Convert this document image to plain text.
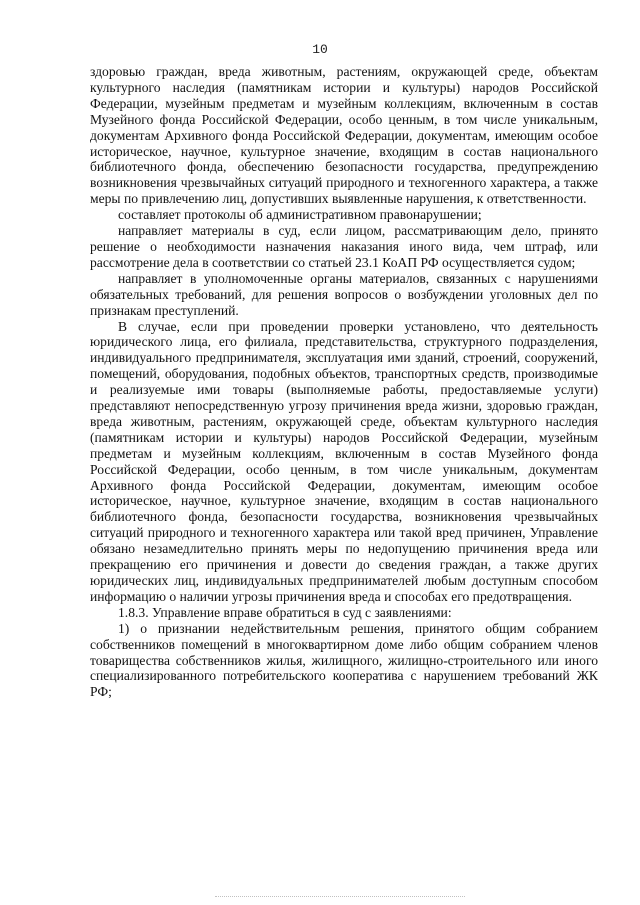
10

здоровью граждан, вреда животным, растениям, окружающей среде, объектам культурного наследия (памятникам истории и культуры) народов Российской Федерации, музейным предметам и музейным коллекциям, включенным в состав Музейного фонда Российской Федерации, особо ценным, в том числе уникальным, документам Архивного фонда Российской Федерации, документам, имеющим особое историческое, научное, культурное значение, входящим в состав национального библиотечного фонда, обеспечению безопасности государства, предупреждению возникновения чрезвычайных ситуаций природного и техногенного характера, а также меры по привлечению лиц, допустивших выявленные нарушения, к ответственности.

составляет протоколы об административном правонарушении;

направляет материалы в суд, если лицом, рассматривающим дело, принято решение о необходимости назначения наказания иного вида, чем штраф, или рассмотрение дела в соответствии со статьей 23.1 КоАП РФ осуществляется судом;

направляет в уполномоченные органы материалов, связанных с нарушениями обязательных требований, для решения вопросов о возбуждении уголовных дел по признакам преступлений.

В случае, если при проведении проверки установлено, что деятельность юридического лица, его филиала, представительства, структурного подразделения, индивидуального предпринимателя, эксплуатация ими зданий, строений, сооружений, помещений, оборудования, подобных объектов, транспортных средств, производимые и реализуемые ими товары (выполняемые работы, предоставляемые услуги) представляют непосредственную угрозу причинения вреда жизни, здоровью граждан, вреда животным, растениям, окружающей среде, объектам культурного наследия (памятникам истории и культуры) народов Российской Федерации, музейным предметам и музейным коллекциям, включенным в состав Музейного фонда Российской Федерации, особо ценным, в том числе уникальным, документам Архивного фонда Российской Федерации, документам, имеющим особое историческое, научное, культурное значение, входящим в состав национального библиотечного фонда, безопасности государства, возникновения чрезвычайных ситуаций природного и техногенного характера или такой вред причинен, Управление обязано незамедлительно принять меры по недопущению причинения вреда или прекращению его причинения и довести до сведения граждан, а также других юридических лиц, индивидуальных предпринимателей любым доступным способом информацию о наличии угрозы причинения вреда и способах его предотвращения.

1.8.3. Управление вправе обратиться в суд с заявлениями:

1) о признании недействительным решения, принятого общим собранием собственников помещений в многоквартирном доме либо общим собранием членов товарищества собственников жилья, жилищного, жилищно-строительного или иного специализированного потребительского кооператива с нарушением требований ЖК РФ;
